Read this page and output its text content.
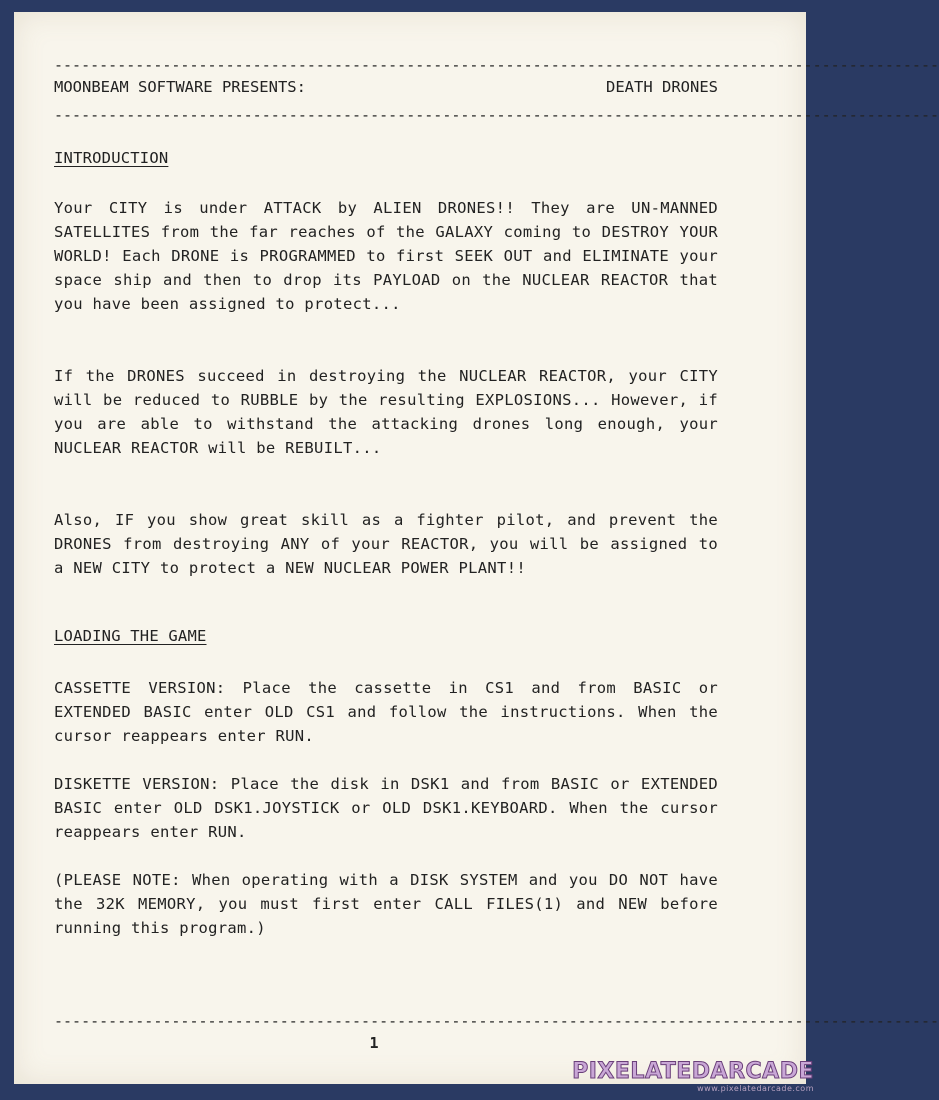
--------------------------------------------------------------------------------------------------
MOONBEAM SOFTWARE PRESENTS:	DEATH DRONES
--------------------------------------------------------------------------------------------------
INTRODUCTION

Your CITY is under ATTACK by ALIEN DRONES!! They are UN-MANNED SATELLITES from the far reaches of the GALAXY coming to DESTROY YOUR WORLD! Each DRONE is PROGRAMMED to first SEEK OUT and ELIMINATE your space ship and then to drop its PAYLOAD on the NUCLEAR REACTOR that you have been assigned to protect...

If the DRONES succeed in destroying the NUCLEAR REACTOR, your CITY will be reduced to RUBBLE by the resulting EXPLOSIONS... However, if you are able to withstand the attacking drones long enough, your NUCLEAR REACTOR will be REBUILT...

Also, IF you show great skill as a fighter pilot, and prevent the DRONES from destroying ANY of your REACTOR, you will be assigned to a NEW CITY to protect a NEW NUCLEAR POWER PLANT!!

LOADING THE GAME

CASSETTE VERSION: Place the cassette in CS1 and from BASIC or EXTENDED BASIC enter OLD CS1 and follow the instructions. When the cursor reappears enter RUN.

DISKETTE VERSION: Place the disk in DSK1 and from BASIC or EXTENDED BASIC enter OLD DSK1.JOYSTICK or OLD DSK1.KEYBOARD. When the cursor reappears enter RUN.

(PLEASE NOTE: When operating with a DISK SYSTEM and you DO NOT have the 32K MEMORY, you must first enter CALL FILES(1) and NEW before running this program.)

--------------------------------------------------------------------------------------------------
1
PIXELATEDARCADE
www.pixelatedarcade.com
